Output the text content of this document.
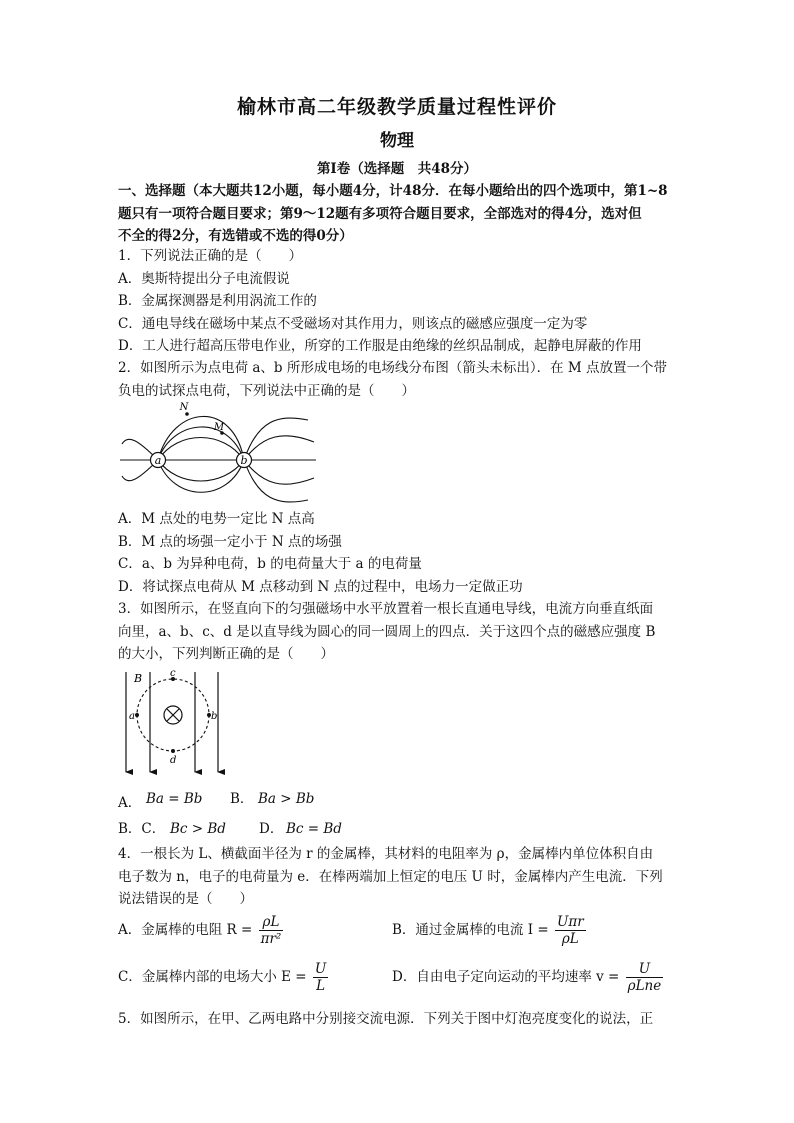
榆林市高二年级教学质量过程性评价
物理
第Ⅰ卷（选择题　共48分）
一、选择题（本大题共12小题，每小题4分，计48分．在每小题给出的四个选项中，第1~8
题只有一项符合题目要求；第9～12题有多项符合题目要求，全部选对的得4分，选对但
不全的得2分，有选错或不选的得0分）
1．下列说法正确的是（　　）
A．奥斯特提出分子电流假说
B．金属探测器是利用涡流工作的
C．通电导线在磁场中某点不受磁场对其作用力，则该点的磁感应强度一定为零
D．工人进行超高压带电作业，所穿的工作服是由绝缘的丝织品制成，起静电屏蔽的作用
2．如图所示为点电荷 a、b 所形成电场的电场线分布图（箭头未标出）．在 M 点放置一个带
负电的试探点电荷，下列说法中正确的是（　　）
a	b
N
M
A．M 点处的电势一定比 N 点高
B．M 点的场强一定小于 N 点的场强
C．a、b 为异种电荷，b 的电荷量大于 a 的电荷量
D．将试探点电荷从 M 点移动到 N 点的过程中，电场力一定做正功
3．如图所示，在竖直向下的匀强磁场中水平放置着一根长直通电导线，电流方向垂直纸面
向里，a、b、c、d 是以直导线为圆心的同一圆周上的四点．关于这四个点的磁感应强度 B
的大小，下列判断正确的是（　　）
B	c
d
a	b
A． Ba = Bb B． Ba > Bb
B．C． Bc > Bd D． Bc = Bd
4．一根长为 L、横截面半径为 r 的金属棒，其材料的电阻率为 ρ，金属棒内单位体积自由
电子数为 n，电子的电荷量为 e．在棒两端加上恒定的电压 U 时，金属棒内产生电流．下列
说法错误的是（　　）
A．金属棒的电阻 $R = \frac{\rho L}{\text{πr²}}$	B．通过金属棒的电流 $I = \frac{\text{Uπr}}{\rho L}$
C．金属棒内部的电场大小 $E = \frac{U}{L}$	D．自由电子定向运动的平均速率 $v = \frac{U}{\text{ρLne}}$
5．如图所示，在甲、乙两电路中分别接交流电源．下列关于图中灯泡亮度变化的说法，正
